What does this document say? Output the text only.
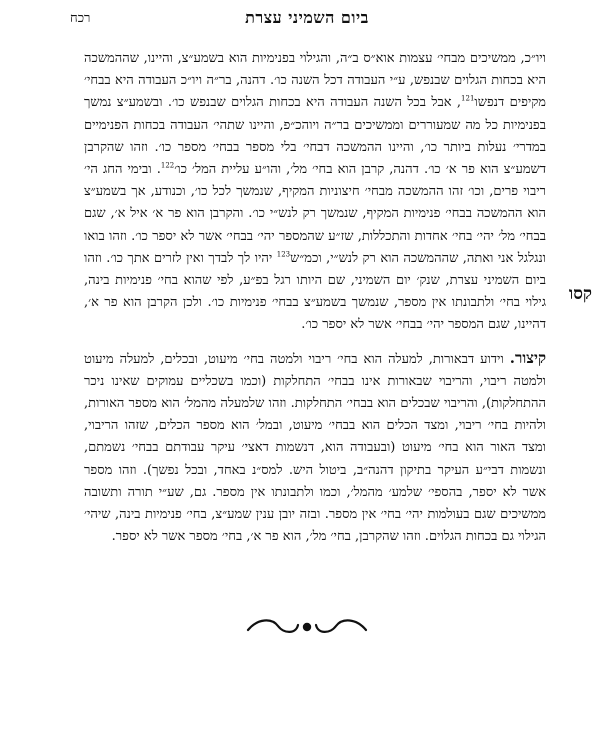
רכח	ביום השמיני עצרת
קסו

ויו״כ, ממשיכים מבחי׳ עצמות אוא״ס ב״ה, והגילוי בפנימיות הוא בשמע״צ, והיינו, שההמשכה היא בכחות הגלוים שבנפש, ע״י העבודה דכל השנה כו׳. דהנה, בר״ה ויו״כ העבודה היא בבחי׳ מקיפים דנפשו$^{121}$, אבל בכל השנה העבודה היא בכחות הגלוים שבנפש כו׳. ובשמע״צ נמשך בפנימיות כל מה שמעוררים וממשיכים בר״ה ויוהכ״פ, והיינו שתהי׳ העבודה בכחות הפנימיים במדרי׳ נעלות ביותר כו׳, והיינו ההמשכה דבחי׳ בלי מספר בבחי׳ מספר כו׳. וזהו שהקרבן דשמע״צ הוא פר א׳ כו׳. דהנה, קרבן הוא בחי׳ מל׳, והו״ע עליית המל׳ כו׳$^{122}$. ובימי החג הי׳ ריבוי פרים, וכו׳ זהו ההמשכה מבחי׳ חיצוניות המקיף, שנמשך לכל כו׳, וכנודע, אך בשמע״צ הוא ההמשכה בבחי׳ פנימיות המקיף, שנמשך רק לנש״י כו׳. והקרבן הוא פר א׳ איל א׳, שגם בבחי׳ מל׳ יהי׳ בחי׳ אחדות והתכללות, שז״ע שהמספר יהי׳ בבחי׳ אשר לא יספר כו׳. וזהו בואו ונגלגל אני ואתה, שההמשכה הוא רק לנש״י, וכמ״ש$^{123}$ יהיו לך לבדך ואין לזרים אתך כו׳. וזהו ביום השמיני עצרת, שנק׳ יום השמיני, שם היותו רגל בפ״ע, לפי שהוא בחי׳ פנימיות בינה, גילוי בחי׳ ולתבונתו אין מספר, שנמשך בשמע״צ בבחי׳ פנימיות כו׳. ולכן הקרבן הוא פר א׳, דהיינו, שגם המספר יהי׳ בבחי׳ אשר לא יספר כו׳.

קיצור. וידוע דבאורות, למעלה הוא בחי׳ ריבוי ולמטה בחי׳ מיעוט, ובכלים, למעלה מיעוט ולמטה ריבוי, והריבוי שבאורות אינו בבחי׳ התחלקות (וכמו בשכליים עמוקים שאינו ניכר ההתחלקות), והריבוי שבכלים הוא בבחי׳ התחלקות. וזהו שלמעלה מהמל׳ הוא מספר האורות, ולהיות בחי׳ ריבוי, ומצד הכלים הוא בבחי׳ מיעוט, ובמל׳ הוא מספר הכלים, שזהו הריבוי, ומצד האור הוא בחי׳ מיעוט (ובעבודה הוא, דנשמות דאצי׳ עיקר עבודתם בבחי׳ נשמתם, ונשמות דבי״ע העיקר בתיקון דהנה״ב, ביטול היש. למס״נ באחד, ובכל נפשך). וזהו מספר אשר לא יספר, בהספי׳ שלמע׳ מהמל׳, וכמו ולתבונתו אין מספר. גם, שע״י תורה ותשובה ממשיכים שגם בעולמות יהי׳ בחי׳ אין מספר. ובזה יובן ענין שמע״צ, בחי׳ פנימיות בינה, שיהי׳ הגילוי גם בכחות הגלוים. וזהו שהקרבן, בחי׳ מל׳, הוא פר א׳, בחי׳ מספר אשר לא יספר.
